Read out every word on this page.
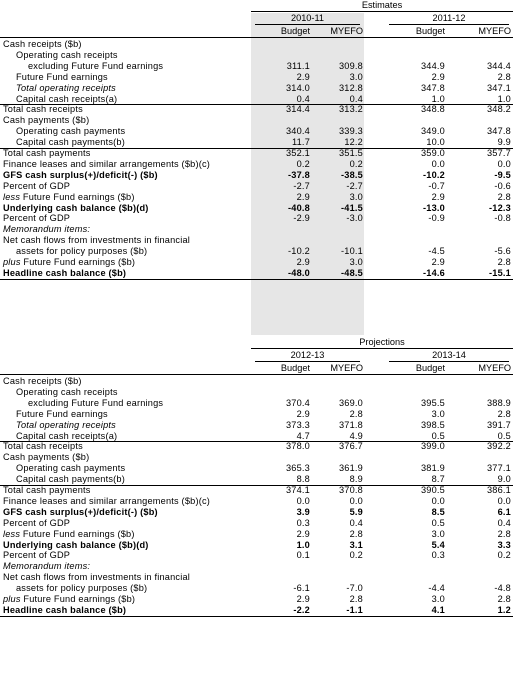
Estimates
2010-11	2011-12
Budget	MYEFO	Budget	MYEFO
Cash receipts ($b)
Operating cash receipts
excluding Future Fund earnings	311.1	309.8	344.9	344.4
Future Fund earnings	2.9	3.0	2.9	2.8
Total operating receipts	314.0	312.8	347.8	347.1
Capital cash receipts(a)	0.4	0.4	1.0	1.0
Total cash receipts	314.4	313.2	348.8	348.2
Cash payments ($b)
Operating cash payments	340.4	339.3	349.0	347.8
Capital cash payments(b)	11.7	12.2	10.0	9.9
Total cash payments	352.1	351.5	359.0	357.7
Finance leases and similar arrangements ($b)(c)	0.2	0.2	0.0	0.0
GFS cash surplus(+)/deficit(-) ($b)	-37.8	-38.5	-10.2	-9.5
Percent of GDP	-2.7	-2.7	-0.7	-0.6
less Future Fund earnings ($b)	2.9	3.0	2.9	2.8
Underlying cash balance ($b)(d)	-40.8	-41.5	-13.0	-12.3
Percent of GDP	-2.9	-3.0	-0.9	-0.8
Memorandum items:
Net cash flows from investments in financial
assets for policy purposes ($b)	-10.2	-10.1	-4.5	-5.6
plus Future Fund earnings ($b)	2.9	3.0	2.9	2.8
Headline cash balance ($b)	-48.0	-48.5	-14.6	-15.1
Projections
2012-13	2013-14
Budget	MYEFO	Budget	MYEFO
Cash receipts ($b)
Operating cash receipts
excluding Future Fund earnings	370.4	369.0	395.5	388.9
Future Fund earnings	2.9	2.8	3.0	2.8
Total operating receipts	373.3	371.8	398.5	391.7
Capital cash receipts(a)	4.7	4.9	0.5	0.5
Total cash receipts	378.0	376.7	399.0	392.2
Cash payments ($b)
Operating cash payments	365.3	361.9	381.9	377.1
Capital cash payments(b)	8.8	8.9	8.7	9.0
Total cash payments	374.1	370.8	390.5	386.1
Finance leases and similar arrangements ($b)(c)	0.0	0.0	0.0	0.0
GFS cash surplus(+)/deficit(-) ($b)	3.9	5.9	8.5	6.1
Percent of GDP	0.3	0.4	0.5	0.4
less Future Fund earnings ($b)	2.9	2.8	3.0	2.8
Underlying cash balance ($b)(d)	1.0	3.1	5.4	3.3
Percent of GDP	0.1	0.2	0.3	0.2
Memorandum items:
Net cash flows from investments in financial
assets for policy purposes ($b)	-6.1	-7.0	-4.4	-4.8
plus Future Fund earnings ($b)	2.9	2.8	3.0	2.8
Headline cash balance ($b)	-2.2	-1.1	4.1	1.2
